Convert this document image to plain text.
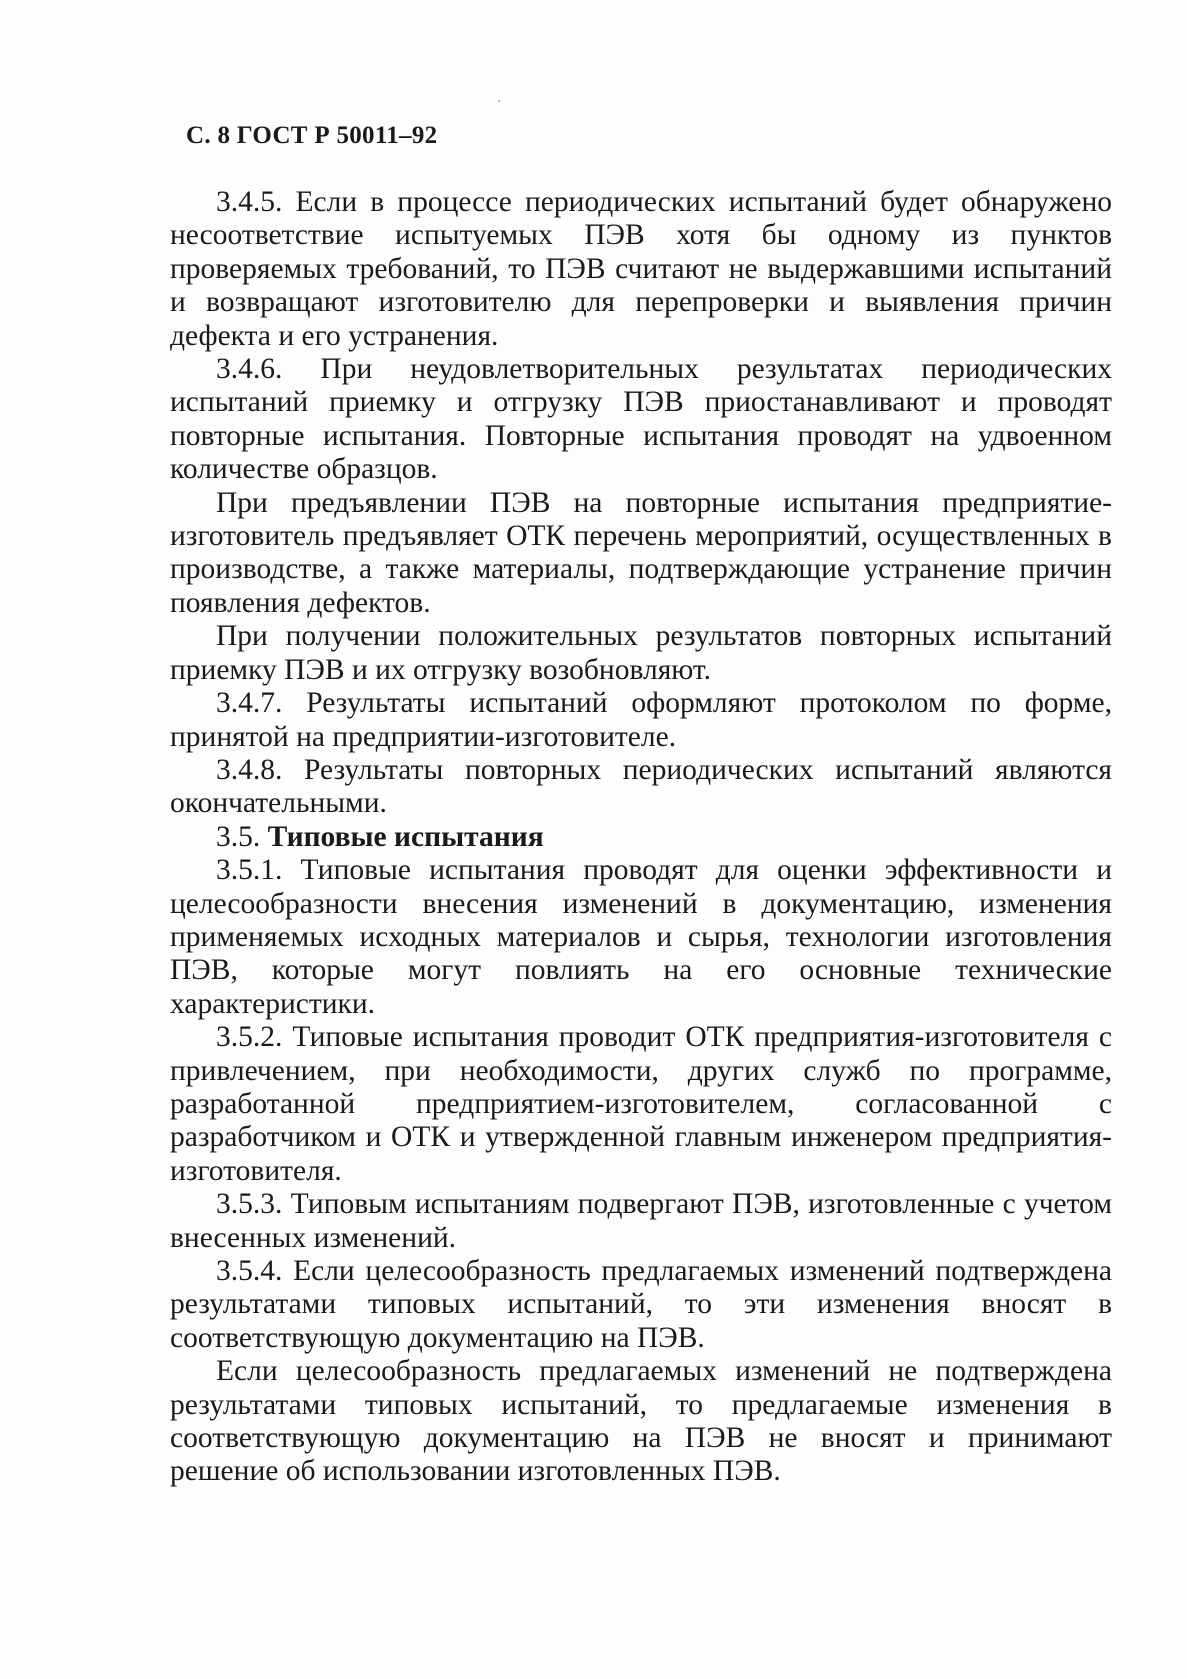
С. 8 ГОСТ Р 50011–92

3.4.5. Если в процессе периодических испытаний будет обнаружено несоответствие испытуемых ПЭВ хотя бы одному из пунктов проверяемых требований, то ПЭВ считают не выдержавшими испытаний и возвращают изготовителю для перепроверки и выявления причин дефекта и его устранения.

3.4.6. При неудовлетворительных результатах периодических испытаний приемку и отгрузку ПЭВ приостанавливают и проводят повторные испытания. Повторные испытания проводят на удвоенном количестве образцов.

При предъявлении ПЭВ на повторные испытания предприятие-изготовитель предъявляет ОТК перечень мероприятий, осуществленных в производстве, а также материалы, подтверждающие устранение причин появления дефектов.

При получении положительных результатов повторных испытаний приемку ПЭВ и их отгрузку возобновляют.

3.4.7. Результаты испытаний оформляют протоколом по форме, принятой на предприятии-изготовителе.

3.4.8. Результаты повторных периодических испытаний являются окончательными.

3.5. Типовые испытания

3.5.1. Типовые испытания проводят для оценки эффективности и целесообразности внесения изменений в документацию, изменения применяемых исходных материалов и сырья, технологии изготовления ПЭВ, которые могут повлиять на его основные технические характеристики.

3.5.2. Типовые испытания проводит ОТК предприятия-изготовителя с привлечением, при необходимости, других служб по программе, разработанной предприятием-изготовителем, согласованной с разработчиком и ОТК и утвержденной главным инженером предприятия-изготовителя.

3.5.3. Типовым испытаниям подвергают ПЭВ, изготовленные с учетом внесенных изменений.

3.5.4. Если целесообразность предлагаемых изменений подтверждена результатами типовых испытаний, то эти изменения вносят в соответствующую документацию на ПЭВ.

Если целесообразность предлагаемых изменений не подтверждена результатами типовых испытаний, то предлагаемые изменения в соответствующую документацию на ПЭВ не вносят и принимают решение об использовании изготовленных ПЭВ.
